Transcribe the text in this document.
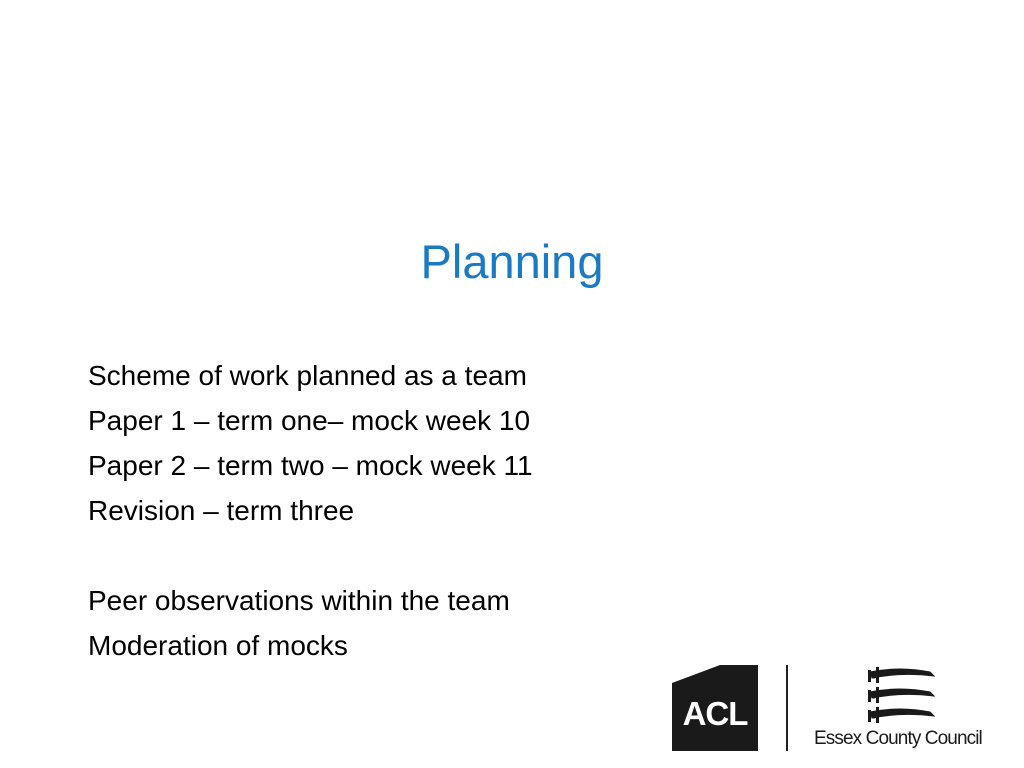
Planning
Scheme of work planned as a team
Paper 1 – term one– mock week 10
Paper 2 – term two – mock week 11
Revision – term three
Peer observations within the team
Moderation of mocks
ACL
Essex County Council
